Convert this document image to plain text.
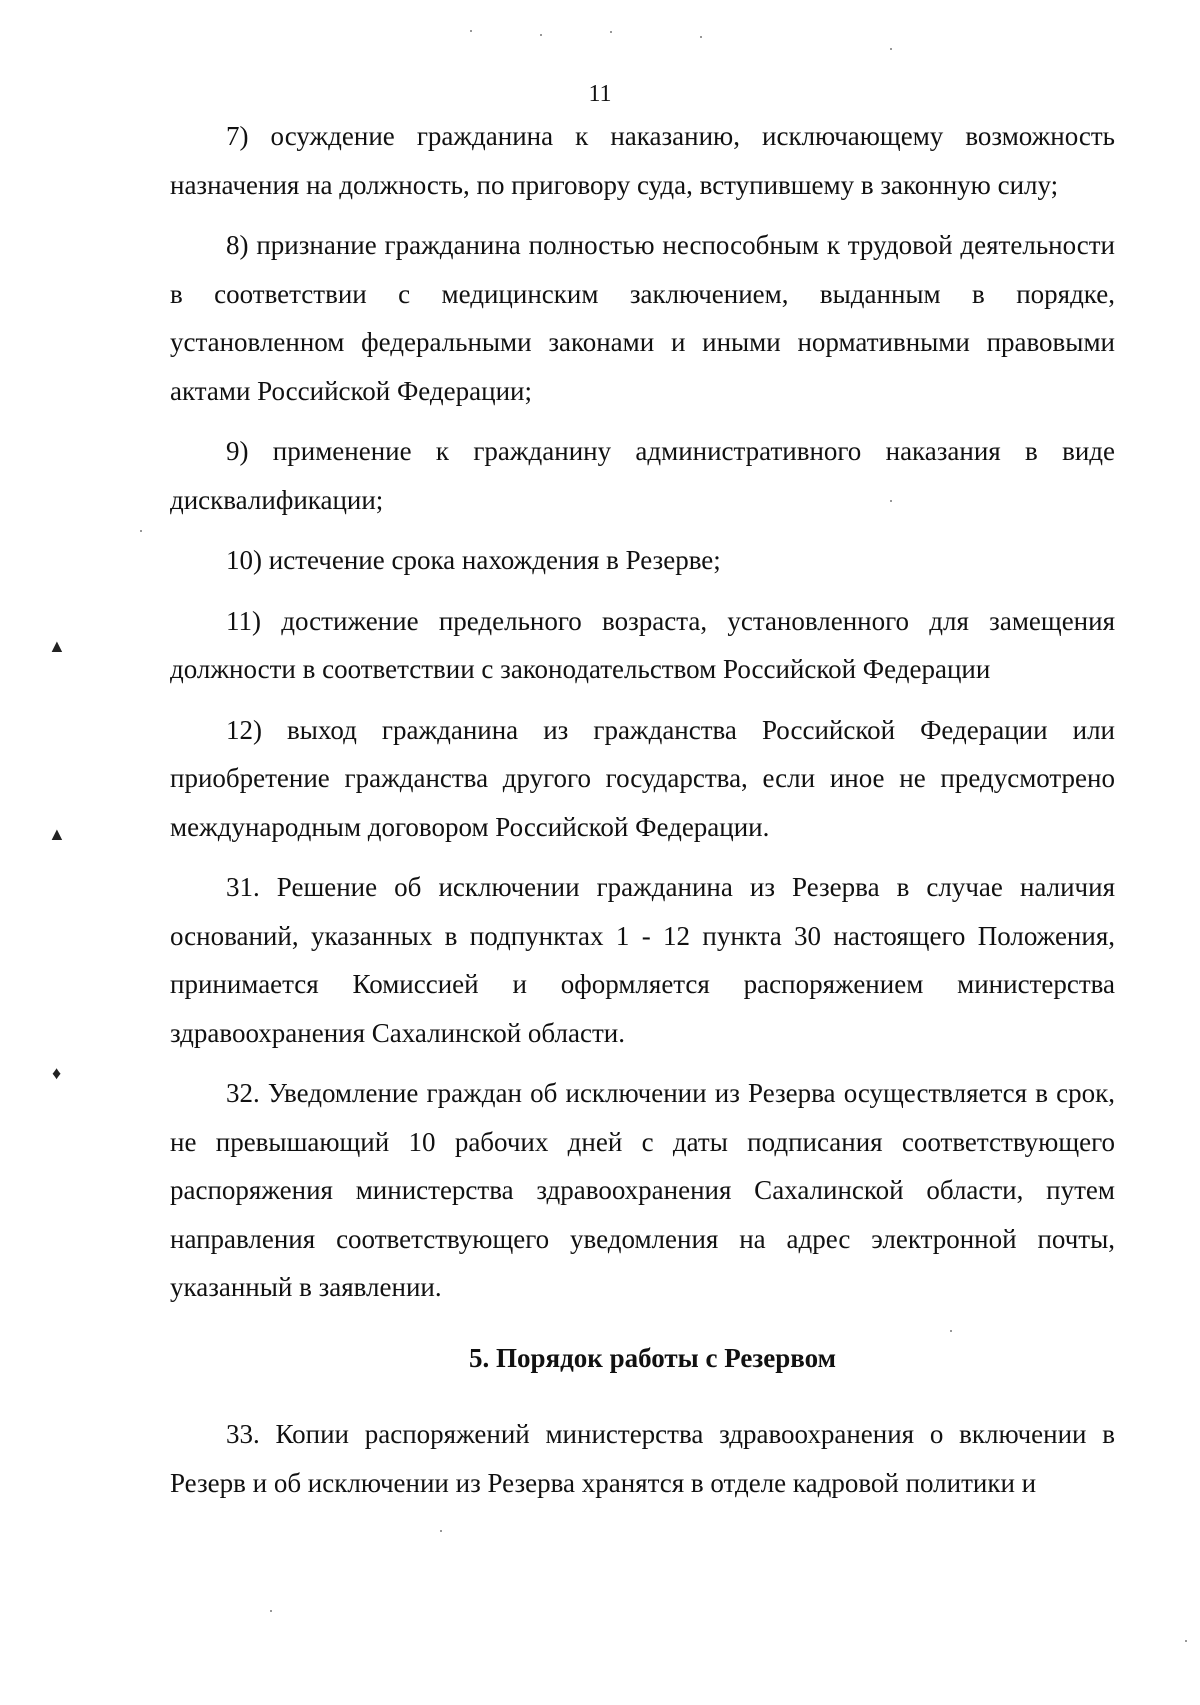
11

7) осуждение гражданина к наказанию, исключающему возможность назначения на должность, по приговору суда, вступившему в законную силу;

8) признание гражданина полностью неспособным к трудовой деятельности в соответствии с медицинским заключением, выданным в порядке, установленном федеральными законами и иными нормативными правовыми актами Российской Федерации;

9) применение к гражданину административного наказания в виде дисквалификации;

10) истечение срока нахождения в Резерве;

11) достижение предельного возраста, установленного для замещения должности в соответствии с законодательством Российской Федерации

12) выход гражданина из гражданства Российской Федерации или приобретение гражданства другого государства, если иное не предусмотрено международным договором Российской Федерации.

31. Решение об исключении гражданина из Резерва в случае наличия оснований, указанных в подпунктах 1 - 12 пункта 30 настоящего Положения, принимается Комиссией и оформляется распоряжением министерства здравоохранения Сахалинской области.

32. Уведомление граждан об исключении из Резерва осуществляется в срок, не превышающий 10 рабочих дней с даты подписания соответствующего распоряжения министерства здравоохранения Сахалинской области, путем направления соответствующего уведомления на адрес электронной почты, указанный в заявлении.

5. Порядок работы с Резервом

33. Копии распоряжений министерства здравоохранения о включении в Резерв и об исключении из Резерва хранятся в отделе кадровой политики и

▲
▲
♦
